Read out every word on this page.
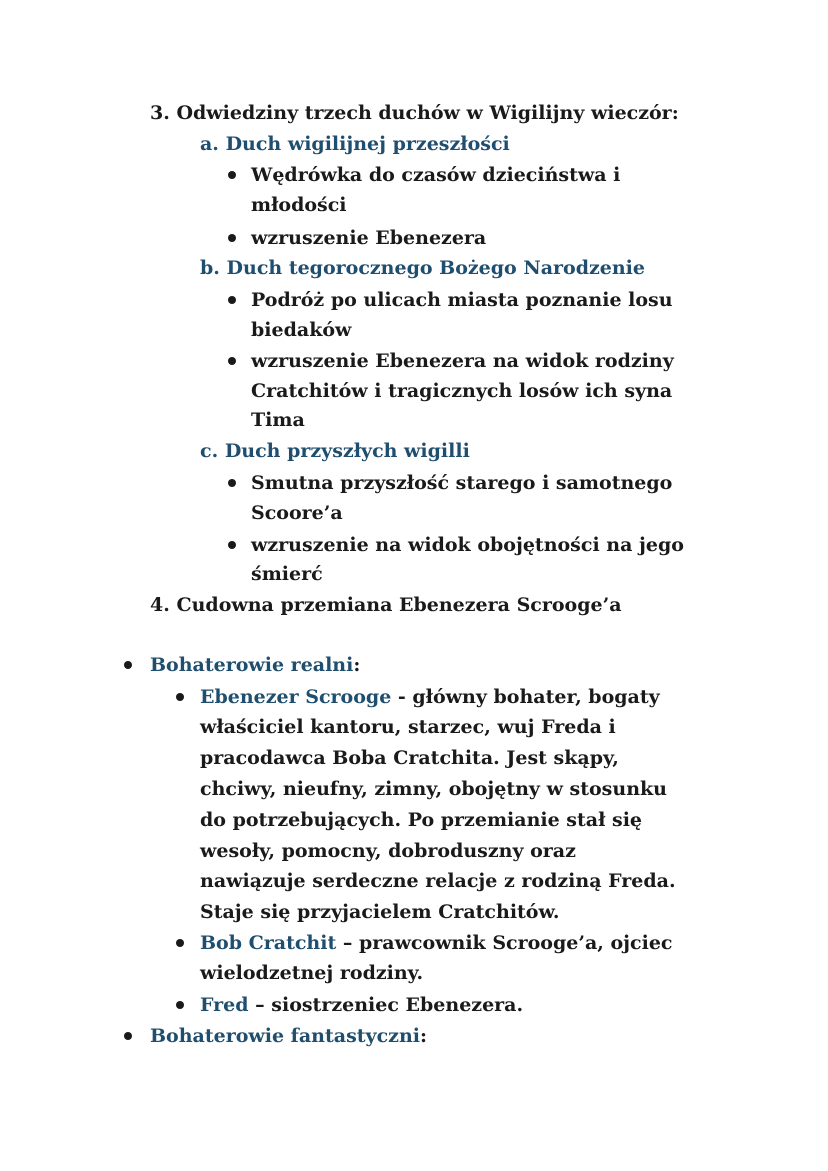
3. Odwiedziny trzech duchów w Wigilijny wieczór:
a. Duch wigilijnej przeszłości
Wędrówka do czasów dzieciństwa i
młodości
wzruszenie Ebenezera
b. Duch tegorocznego Bożego Narodzenie
Podróż po ulicach miasta poznanie losu
biedaków
wzruszenie Ebenezera na widok rodziny
Cratchitów i tragicznych losów ich syna
Tima
c. Duch przyszłych wigilli
Smutna przyszłość starego i samotnego
Scoore’a
wzruszenie na widok obojętności na jego
śmierć
4. Cudowna przemiana Ebenezera Scrooge’a
Bohaterowie realni:
Ebenezer Scrooge - główny bohater, bogaty
właściciel kantoru, starzec, wuj Freda i
pracodawca Boba Cratchita. Jest skąpy,
chciwy, nieufny, zimny, obojętny w stosunku
do potrzebujących. Po przemianie stał się
wesoły, pomocny, dobroduszny oraz
nawiązuje serdeczne relacje z rodziną Freda.
Staje się przyjacielem Cratchitów.
Bob Cratchit – prawcownik Scrooge’a, ojciec
wielodzetnej rodziny.
Fred – siostrzeniec Ebenezera.
Bohaterowie fantastyczni:
